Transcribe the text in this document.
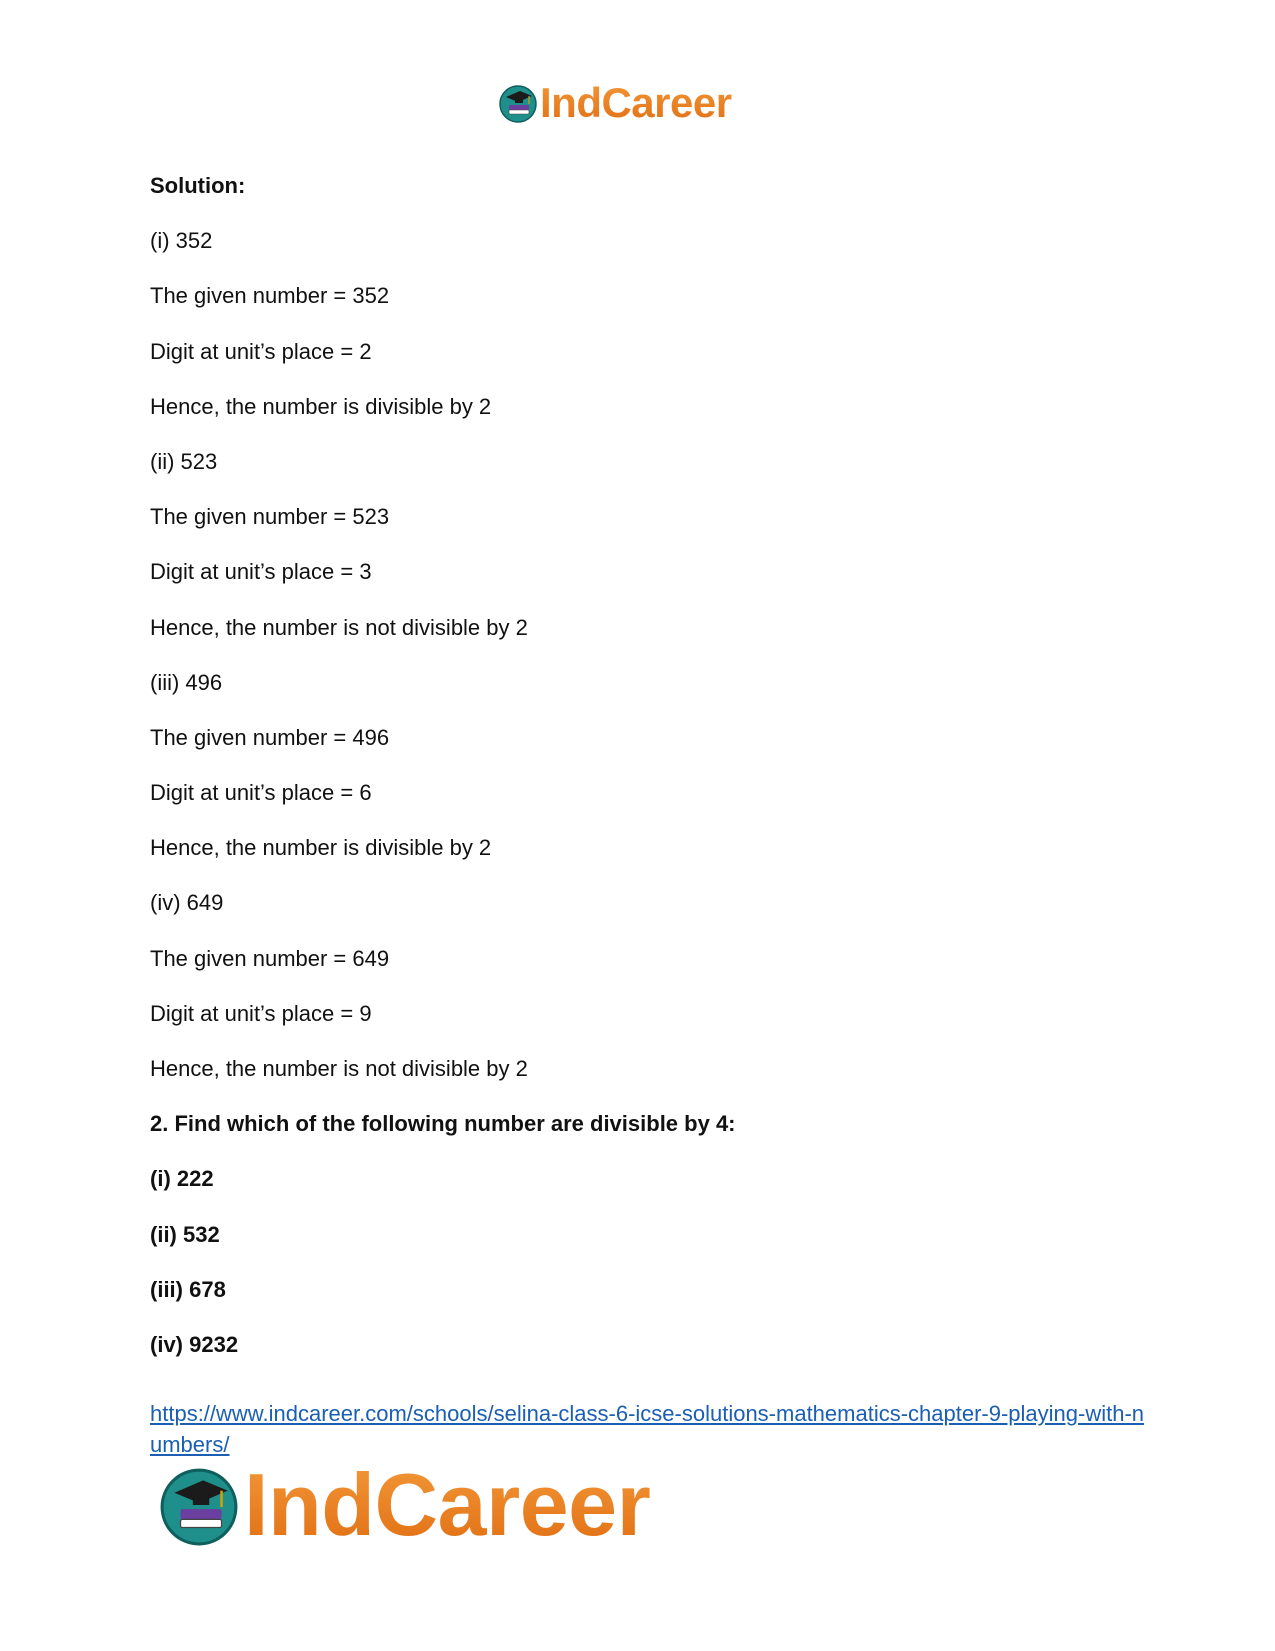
IndCareer
Solution:
(i) 352
The given number = 352
Digit at unit’s place = 2
Hence, the number is divisible by 2
(ii) 523
The given number = 523
Digit at unit’s place = 3
Hence, the number is not divisible by 2
(iii) 496
The given number = 496
Digit at unit’s place = 6
Hence, the number is divisible by 2
(iv) 649
The given number = 649
Digit at unit’s place = 9
Hence, the number is not divisible by 2
2. Find which of the following number are divisible by 4:
(i) 222
(ii) 532
(iii) 678
(iv) 9232
https://www.indcareer.com/schools/selina-class-6-icse-solutions-mathematics-chapter-9-playing-with-numbers/
IndCareer
